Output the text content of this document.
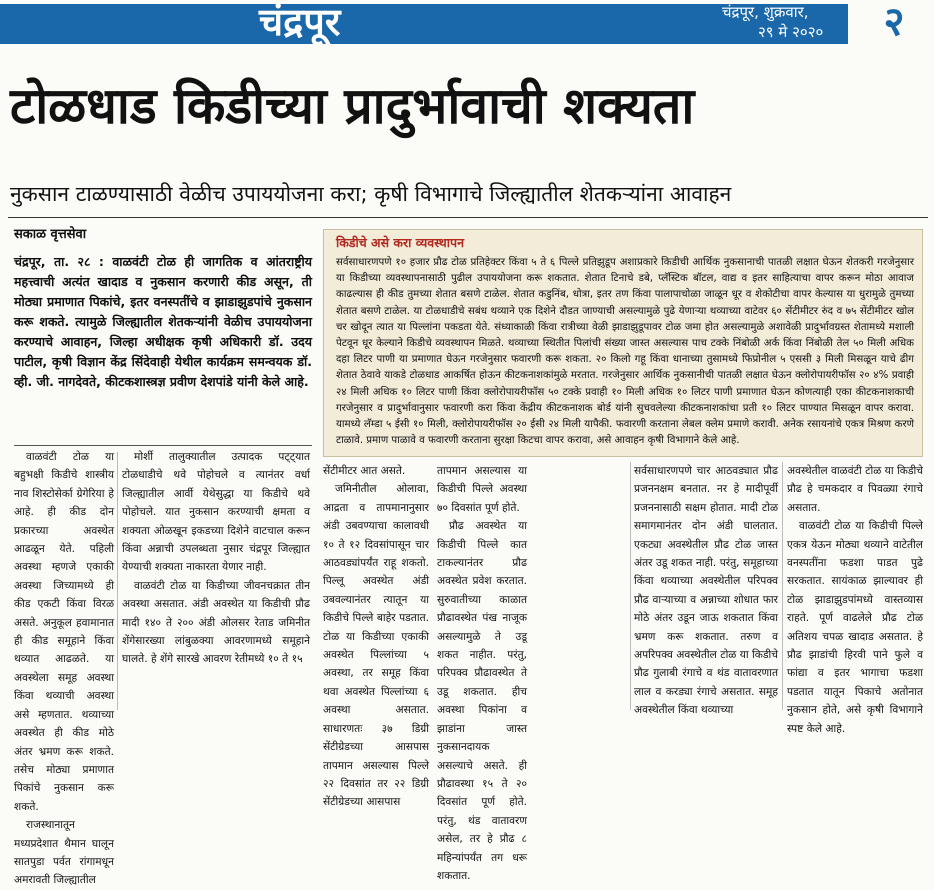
चंद्रपूर	चंद्रपूर, शुक्रवार,
२९ मे २०२०	२
टोळधाड किडीच्या प्रादुर्भावाची शक्यता
नुकसान टाळण्यासाठी वेळीच उपाययोजना करा; कृषी विभागाचे जिल्ह्यातील शेतकऱ्यांना आवाहन
सकाळ वृत्तसेवा
चंद्रपूर, ता. २८ : वाळवंटी टोळ ही जागतिक व आंतराष्ट्रीय महत्त्वाची अत्यंत खादाड व नुकसान करणारी कीड असून, ती मोठ्या प्रमाणात पिकांचे, इतर वनस्पतींचे व झाडाझुडपांचे नुकसान करू शकते. त्यामुळे जिल्ह्यातील शेतकऱ्यांनी वेळीच उपाययोजना करण्याचे आवाहन, जिल्हा अधीक्षक कृषी अधिकारी डॉ. उदय पाटील, कृषी विज्ञान केंद्र सिंदेवाही येथील कार्यक्रम समन्वयक डॉ. व्ही. जी. नागदेवते, कीटकशास्त्रज्ञ प्रवीण देशपांडे यांनी केले आहे.
किडीचे असे करा व्यवस्थापन
सर्वसाधारणपणे १० हजार प्रौढ टोळ प्रतिहेक्टर किंवा ५ ते ६ पिल्ले प्रतिझुडूप अशाप्रकारे किडीची आर्थिक नुकसानाची पातळी लक्षात घेऊन शेतकरी गरजेनुसार या किडीच्या व्यवस्थापनासाठी पुढील उपाययोजना करू शकतात. शेतात टिनाचे डबे, प्लॅस्टिक बॉटल, वाद्य व इतर साहित्याचा वापर करून मोठा आवाज काढल्यास ही कीड तुमच्या शेतात बसणे टाळेल. शेतात कडुनिंब, धोत्रा, इतर तण किंवा पालापाचोळा जाळून धूर व शेकोटीचा वापर केल्यास या धुरामुळे तुमच्या शेतात बसणे टाळेल. या टोळधाडीचे सबंध थव्याने एक दिशेने दौडत जाण्याची असल्यामुळे पुढे येणाऱ्या थव्याच्या वाटेवर ६० सेंटीमीटर रुंद व ७५ सेंटीमीटर खोल चर खोदून त्यात या पिल्लांना पकडता येते. संध्याकाळी किंवा रात्रीच्या वेळी झाडाझुडूपावर टोळ जमा होत असल्यामुळे अशावेळी प्रादुर्भावग्रस्त शेतामध्ये मशाली पेटवून धूर केल्याने किडीचे व्यवस्थापन मिळते. थव्याच्या स्थितीत पिलांची संख्या जास्त असल्यास पाच टक्के निंबोळी अर्क किंवा निंबोळी तेल ५० मिली अधिक दहा लिटर पाणी या प्रमाणात घेऊन गरजेनुसार फवारणी करू शकता. २० किलो गहू किंवा धानाच्या तुसामध्ये फिप्रोनील ५ एससी ३ मिली मिसळून याचे ढीग शेतात ठेवावे याकडे टोळधाड आकर्षित होऊन कीटकनाशकांमुळे मरतात. गरजेनुसार आर्थिक नुकसानीची पातळी लक्षात घेऊन क्लोरोपायरीफॉस २० ४% प्रवाही २४ मिली अधिक १० लिटर पाणी किंवा क्लोरोपायरीफॉस ५० टक्के प्रवाही १० मिली अधिक १० लिटर पाणी प्रमाणात घेऊन कोणत्याही एका कीटकनाशकाची गरजेनुसार व प्रादुर्भावानुसार फवारणी करा किंवा केंद्रीय कीटकनाशक बोर्ड यांनी सुचवलेल्या कीटकनाशकांचा प्रती १० लिटर पाण्यात मिसळून वापर करावा. यामध्ये लॅम्डा ५ ईसी १० मिली, क्लोरोपायरीफॉस २० ईसी २४ मिली यापैकी. फवारणी करताना लेबल क्लेम प्रमाणे करावी. अनेक रसायनांचे एकत्र मिश्रण करणे टाळावे. प्रमाण पाळावे व फवारणी करताना सुरक्षा किटचा वापर करावा, असे आवाहन कृषी विभागाने केले आहे.

वाळवंटी टोळ या बहुभक्षी किडीचे शास्त्रीय नाव शिस्टोसेर्का ग्रेगेरिया हे आहे. ही कीड दोन प्रकारच्या अवस्थेत आढळून येते. पहिली अवस्था म्हणजे एकाकी अवस्था जिच्यामध्ये ही कीड एकटी किंवा विरळ असते. अनुकूल हवामानात ही कीड समूहाने किंवा थव्यात आढळते. या अवस्थेला समूह अवस्था किंवा थव्याची अवस्था असे म्हणतात. थव्याच्या अवस्थेत ही कीड मोठे अंतर भ्रमण करू शकते. तसेच मोठ्या प्रमाणात पिकांचे नुकसान करू शकते.

राजस्थानातून मध्यप्रदेशात थैमान घालून सातपुडा पर्वत रांगामधून अमरावती जिल्ह्यातील

मोर्शी तालुक्यातील उत्पादक पट्ट्यात टोळधाडीचे थवे पोहोचले व त्यानंतर वर्धा जिल्ह्यातील आर्वी येथेसुद्धा या किडीचे थवे पोहोचले. यात नुकसान करण्याची क्षमता व शक्यता ओळखून इकडच्या दिशेने वाटचाल करून किंवा अन्नाची उपलब्धता नुसार चंद्रपूर जिल्ह्यात येण्याची शक्यता नाकारता येणार नाही.

वाळवंटी टोळ या किडीच्या जीवनचक्रात तीन अवस्था असतात. अंडी अवस्थेत या किडीची प्रौढ मादी १४० ते २०० अंडी ओलसर रेताड जमिनीत शेंगेसारख्या लांबुळक्या आवरणामध्ये समूहाने घालते. हे शेंगे सारखे आवरण रेतीमध्ये १० ते १५

सेंटीमीटर आत असते.

जमिनीतील ओलावा, आद्रता व तापमानानुसार अंडी उबवण्याचा कालावधी १० ते १२ दिवसांपासून चार आठवड्यांपर्यंत राहू शकतो. पिल्लू अवस्थेत अंडी उबवल्यानंतर त्यातून या किडीचे पिल्ले बाहेर पडतात. टोळ या किडीच्या एकाकी अवस्थेत पिल्लांच्या ५ अवस्था, तर समूह किंवा थवा अवस्थेत पिल्लांच्या ६ अवस्था असतात. साधारणतः ३७ डिग्री सेंटीग्रेडच्या आसपास तापमान असल्यास पिल्ले २२ दिवसांत तर २२ डिग्री सेंटीग्रेडच्या आसपास

तापमान असल्यास या किडीची पिल्ले अवस्था ७० दिवसांत पूर्ण होते.

प्रौढ अवस्थेत या किडीची पिल्ले कात टाकल्यानंतर प्रौढ अवस्थेत प्रवेश करतात. सुरुवातीच्या काळात प्रौढावस्थेत पंख नाजूक असल्यामुळे ते उडू शकत नाहीत. परंतु, परिपक्व प्रौढावस्थेत ते उडू शकतात. हीच अवस्था पिकांना व झाडांना जास्त नुकसानदायक असल्याचे असते. ही प्रौढावस्था १५ ते २० दिवसांत पूर्ण होते. परंतु, थंड वातावरण असेल, तर हे प्रौढ ८ महिन्यांपर्यंत तग धरू शकतात.

सर्वसाधारणपणे चार आठवड्यात प्रौढ प्रजननक्षम बनतात. नर हे मादीपूर्वी प्रजननासाठी सक्षम होतात. मादी टोळ समागमानंतर दोन अंडी घालतात. एकट्या अवस्थेतील प्रौढ टोळ जास्त अंतर उडू शकत नाही. परंतु, समूहाच्या किंवा थव्याच्या अवस्थेतील परिपक्व प्रौढ वाऱ्याच्या व अन्नाच्या शोधात फार मोठे अंतर उडून जाऊ शकतात किंवा भ्रमण करू शकतात. तरुण व अपरिपक्व अवस्थेतील टोळ या किडीचे प्रौढ गुलाबी रंगाचे व थंड वातावरणात लाल व करड्या रंगाचे असतात. समूह अवस्थेतील किंवा थव्याच्या

अवस्थेतील वाळवंटी टोळ या किडीचे प्रौढ हे चमकदार व पिवळ्या रंगाचे असतात.

वाळवंटी टोळ या किडीची पिल्ले एकत्र येऊन मोठ्या थव्याने वाटेतील वनस्पतींना फडशा पाडत पुढे सरकतात. सायंकाळ झाल्यावर ही टोळ झाडाझुडपांमध्ये वास्तव्यास राहते. पूर्ण वाढलेले प्रौढ टोळ अतिशय चपळ खादाड असतात. हे प्रौढ झाडांची हिरवी पाने फुले व फांद्या व इतर भागाचा फडशा पडतात यातून पिकाचे अतोनात नुकसान होते, असे कृषी विभागाने स्पष्ट केले आहे.
